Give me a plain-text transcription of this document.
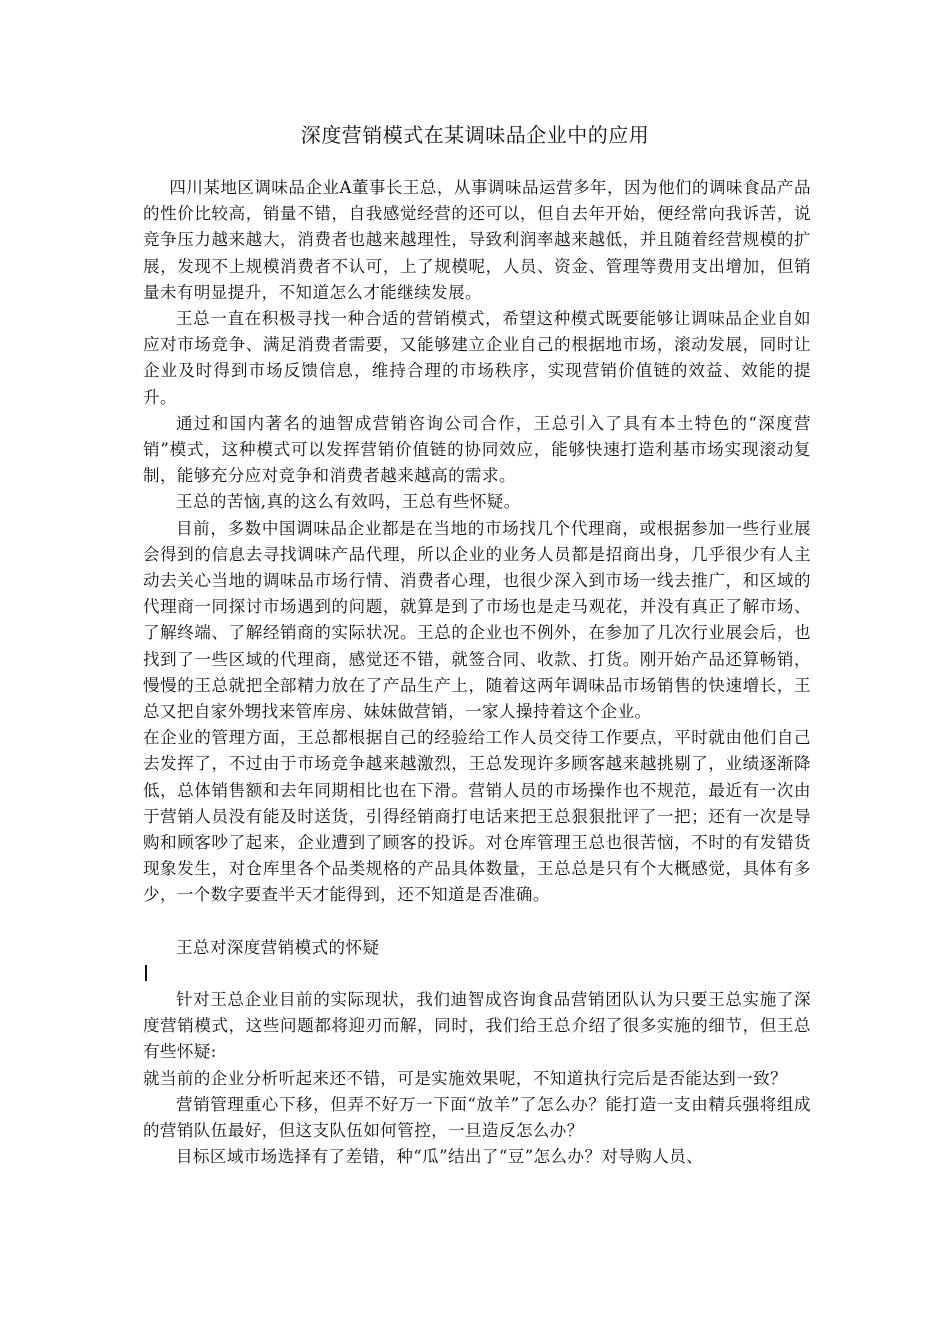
深度营销模式在某调味品企业中的应用

四川某地区调味品企业A董事长王总，从事调味品运营多年，因为他们的调味食品产品的性价比较高，销量不错，自我感觉经营的还可以，但自去年开始，便经常向我诉苦，说竞争压力越来越大，消费者也越来越理性，导致利润率越来越低，并且随着经营规模的扩展，发现不上规模消费者不认可，上了规模呢，人员、资金、管理等费用支出增加，但销量未有明显提升，不知道怎么才能继续发展。

王总一直在积极寻找一种合适的营销模式，希望这种模式既要能够让调味品企业自如应对市场竞争、满足消费者需要，又能够建立企业自己的根据地市场，滚动发展，同时让企业及时得到市场反馈信息，维持合理的市场秩序，实现营销价值链的效益、效能的提升。

通过和国内著名的迪智成营销咨询公司合作，王总引入了具有本土特色的“深度营销”模式，这种模式可以发挥营销价值链的协同效应，能够快速打造利基市场实现滚动复制，能够充分应对竞争和消费者越来越高的需求。

王总的苦恼,真的这么有效吗，王总有些怀疑。

目前，多数中国调味品企业都是在当地的市场找几个代理商，或根据参加一些行业展会得到的信息去寻找调味产品代理，所以企业的业务人员都是招商出身，几乎很少有人主动去关心当地的调味品市场行情、消费者心理，也很少深入到市场一线去推广，和区域的代理商一同探讨市场遇到的问题，就算是到了市场也是走马观花，并没有真正了解市场、了解终端、了解经销商的实际状况。王总的企业也不例外，在参加了几次行业展会后，也找到了一些区域的代理商，感觉还不错，就签合同、收款、打货。刚开始产品还算畅销，慢慢的王总就把全部精力放在了产品生产上，随着这两年调味品市场销售的快速增长，王总又把自家外甥找来管库房、妹妹做营销，一家人操持着这个企业。

在企业的管理方面，王总都根据自己的经验给工作人员交待工作要点，平时就由他们自己去发挥了，不过由于市场竞争越来越激烈，王总发现许多顾客越来越挑剔了，业绩逐渐降低，总体销售额和去年同期相比也在下滑。营销人员的市场操作也不规范，最近有一次由于营销人员没有能及时送货，引得经销商打电话来把王总狠狠批评了一把；还有一次是导购和顾客吵了起来，企业遭到了顾客的投诉。对仓库管理王总也很苦恼，不时的有发错货现象发生，对仓库里各个品类规格的产品具体数量，王总总是只有个大概感觉，具体有多少，一个数字要查半天才能得到，还不知道是否准确。

王总对深度营销模式的怀疑

针对王总企业目前的实际现状，我们迪智成咨询食品营销团队认为只要王总实施了深度营销模式，这些问题都将迎刃而解，同时，我们给王总介绍了很多实施的细节，但王总有些怀疑:

就当前的企业分析听起来还不错，可是实施效果呢，不知道执行完后是否能达到一致？

营销管理重心下移，但弄不好万一下面“放羊”了怎么办？能打造一支由精兵强将组成的营销队伍最好，但这支队伍如何管控，一旦造反怎么办？

目标区域市场选择有了差错，种“瓜”结出了“豆”怎么办？对导购人员、
